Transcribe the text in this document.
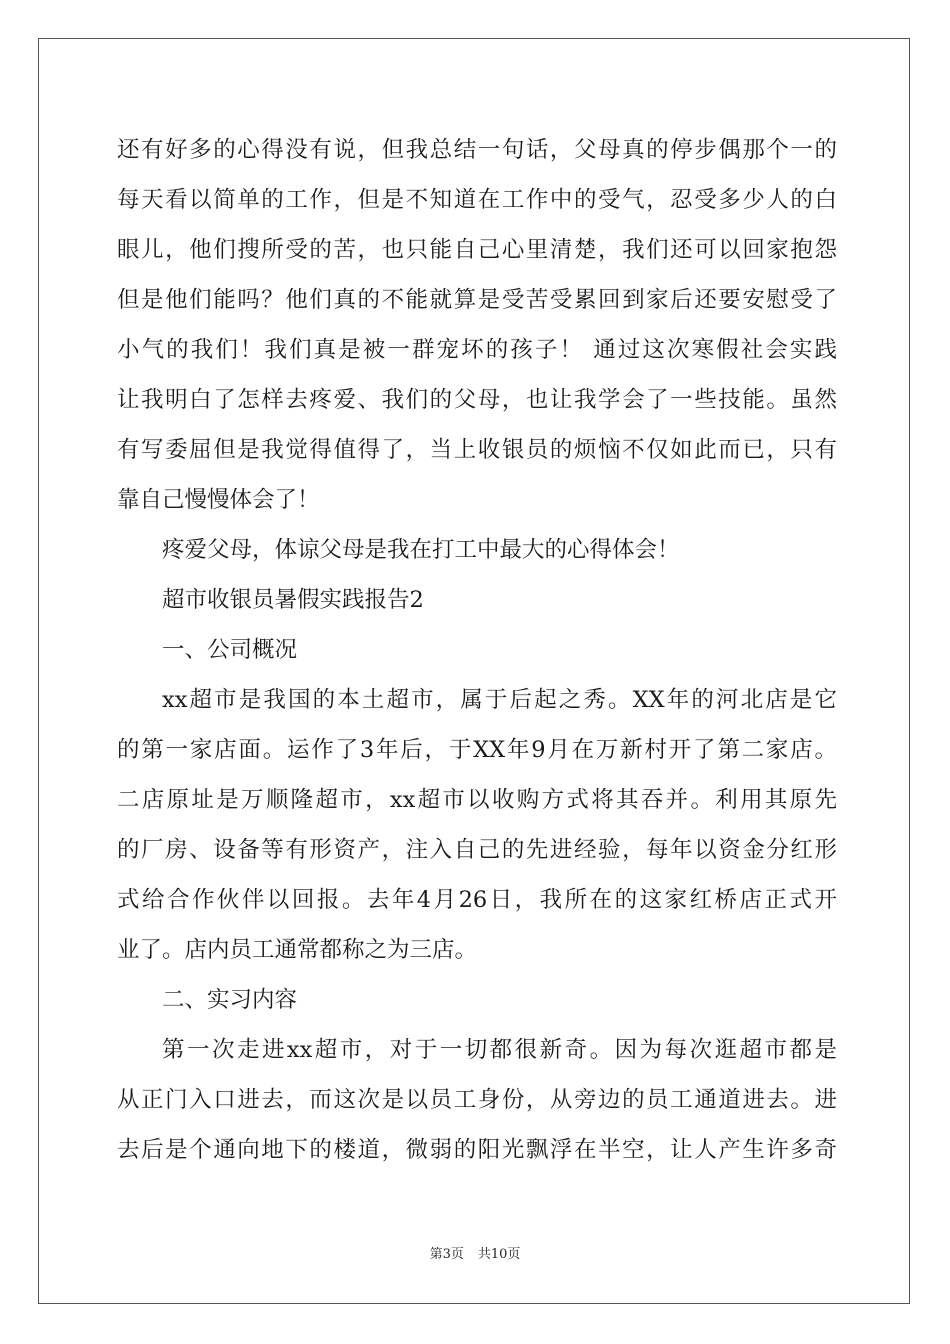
还有好多的心得没有说，但我总结一句话，父母真的停步偶那个一的
每天看以简单的工作，但是不知道在工作中的受气，忍受多少人的白
眼儿，他们搜所受的苦，也只能自己心里清楚，我们还可以回家抱怨
但是他们能吗？他们真的不能就算是受苦受累回到家后还要安慰受了
小气的我们！我们真是被一群宠坏的孩子！ 通过这次寒假社会实践
让我明白了怎样去疼爱、我们的父母，也让我学会了一些技能。虽然
有写委屈但是我觉得值得了，当上收银员的烦恼不仅如此而已，只有
靠自己慢慢体会了！
疼爱父母，体谅父母是我在打工中最大的心得体会！
超市收银员暑假实践报告2
一、公司概况
xx超市是我国的本土超市，属于后起之秀。XX年的河北店是它
的第一家店面。运作了3年后，于XX年9月在万新村开了第二家店。
二店原址是万顺隆超市，xx超市以收购方式将其吞并。利用其原先
的厂房、设备等有形资产，注入自己的先进经验，每年以资金分红形
式给合作伙伴以回报。去年4月26日，我所在的这家红桥店正式开
业了。店内员工通常都称之为三店。
二、实习内容
第一次走进xx超市，对于一切都很新奇。因为每次逛超市都是
从正门入口进去，而这次是以员工身份，从旁边的员工通道进去。进
去后是个通向地下的楼道，微弱的阳光飘浮在半空，让人产生许多奇
第3页 共10页
